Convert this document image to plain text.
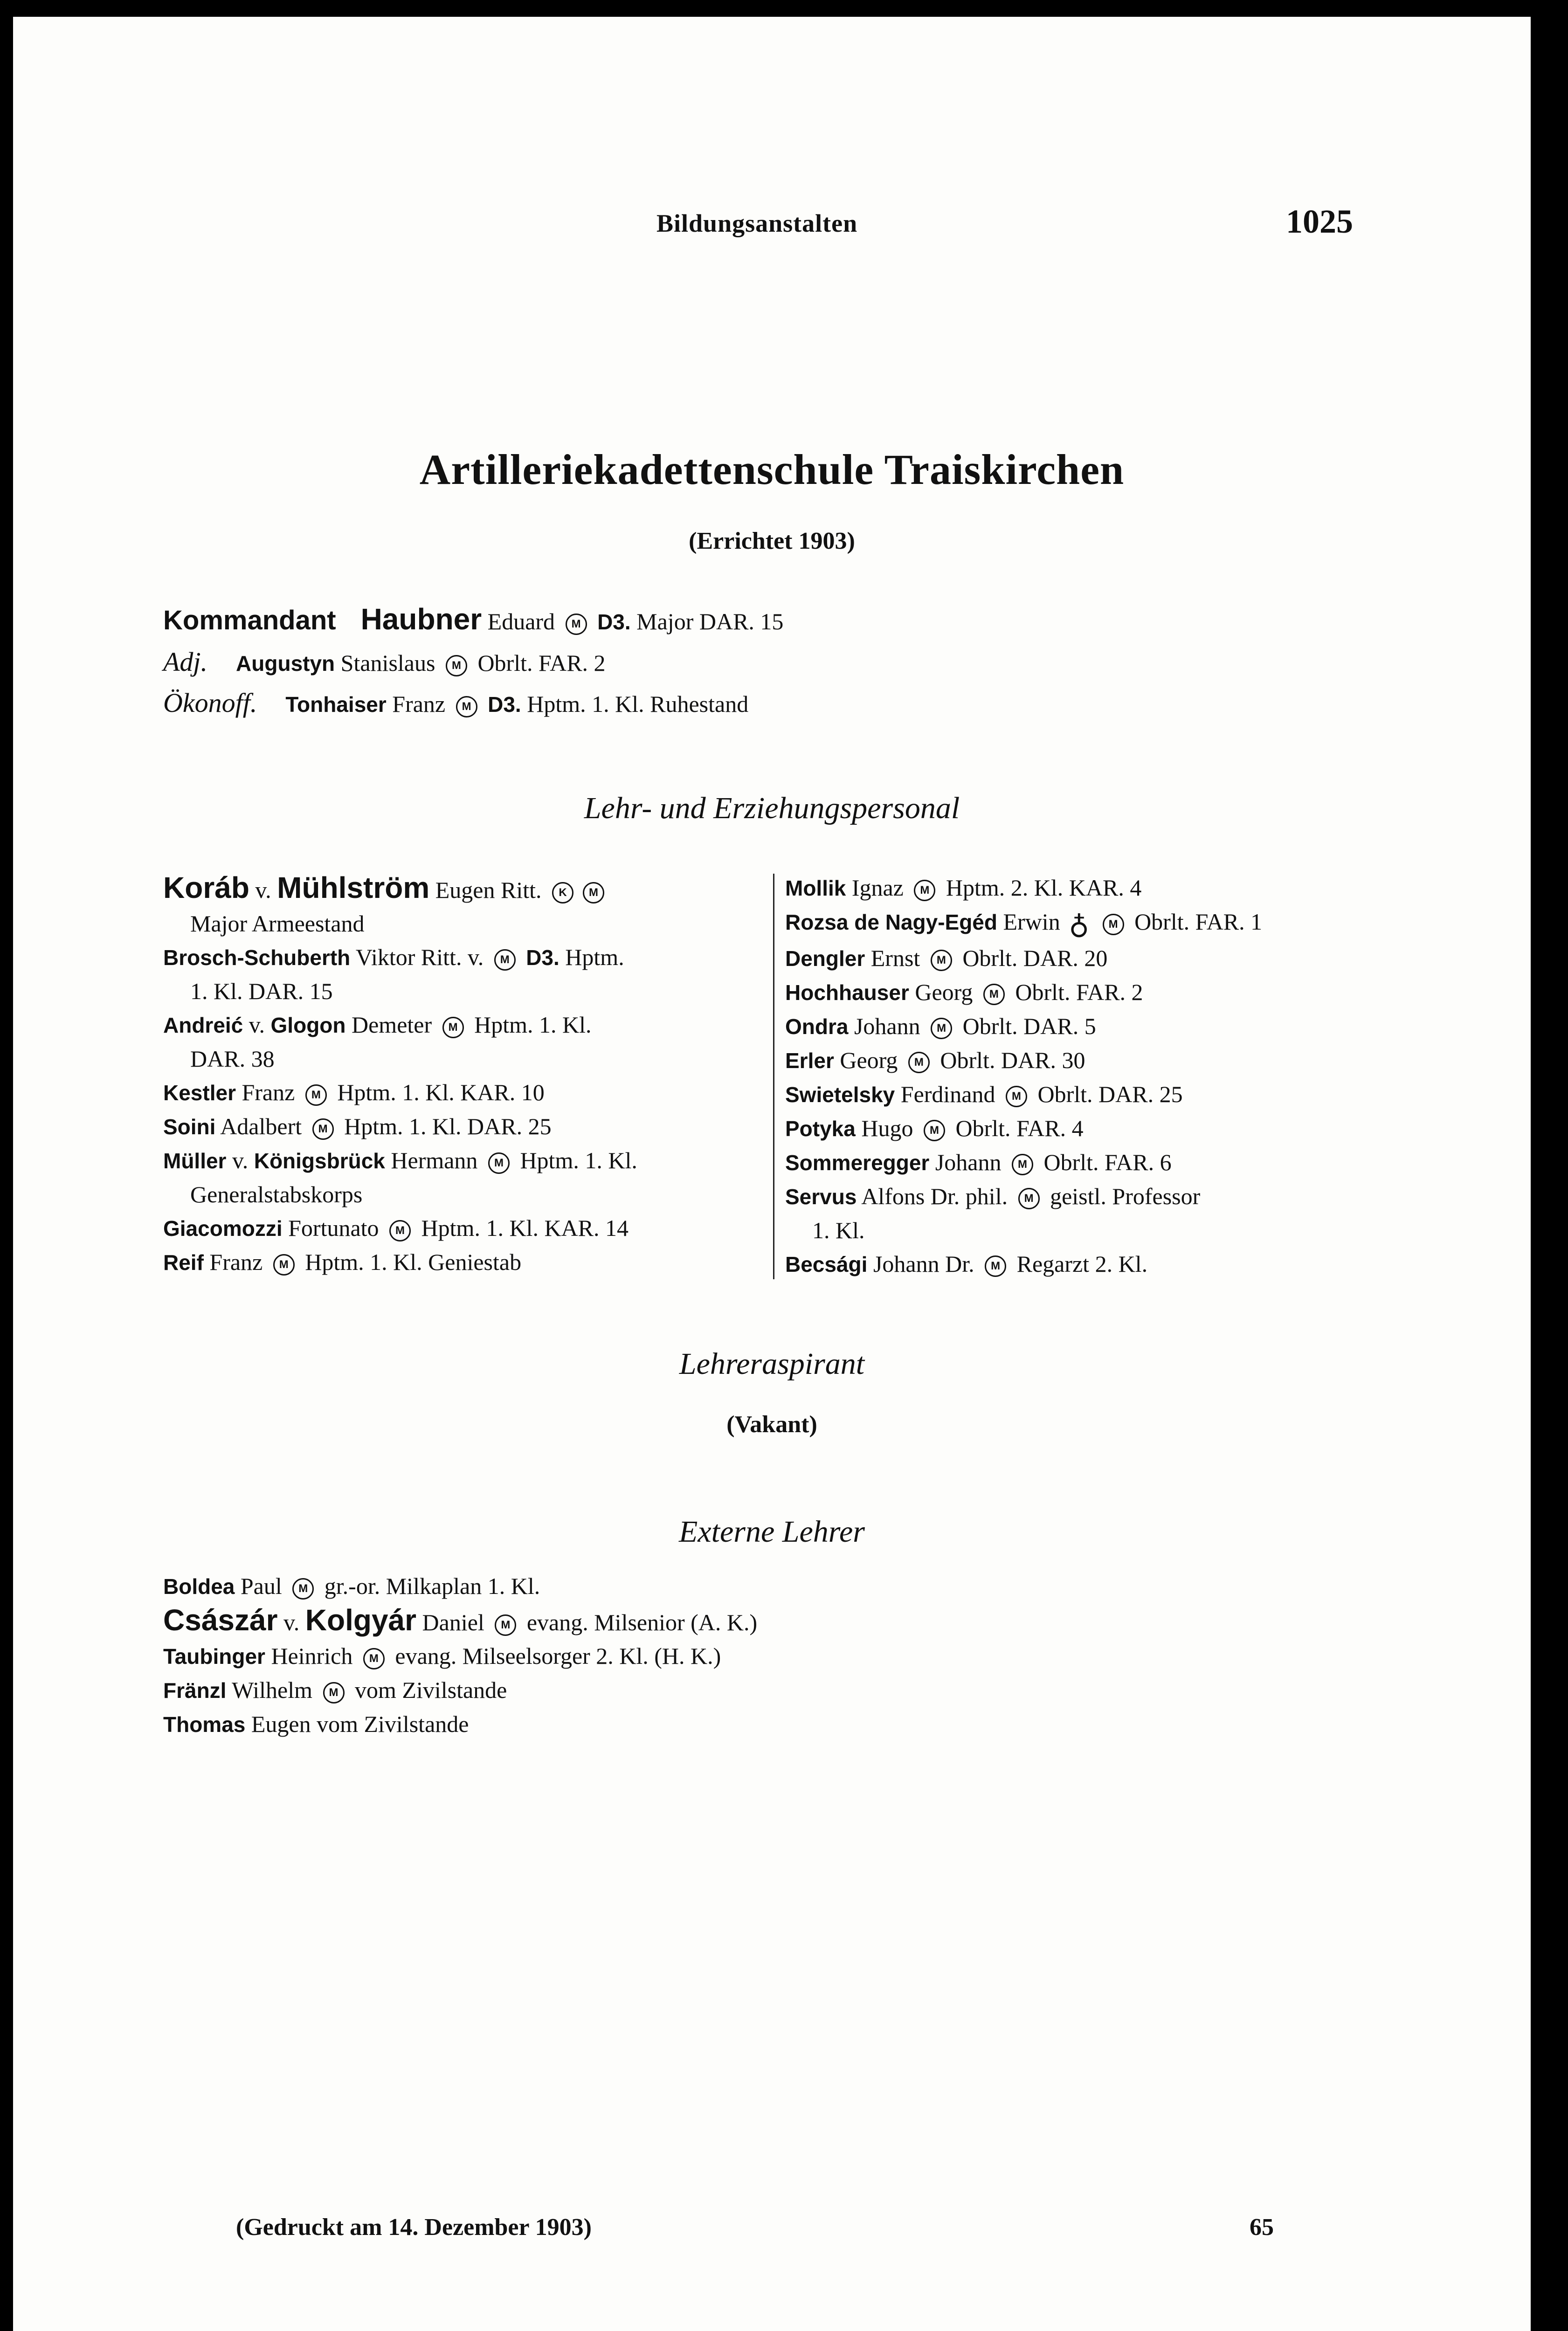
Bildungsanstalten	1025
Artilleriekadettenschule Traiskirchen
(Errichtet 1903)
Kommandant Haubner Eduard M D3. Major DAR. 15
Adj. Augustyn Stanislaus M Obrlt. FAR. 2
Ökonoff. Tonhaiser Franz M D3. Hptm. 1. Kl. Ruhestand
Lehr- und Erziehungspersonal
Koráb v. Mühlström Eugen Ritt. K M
Major Armeestand
Brosch-Schuberth Viktor Ritt. v. M D3. Hptm.
1. Kl. DAR. 15
Andreić v. Glogon Demeter M Hptm. 1. Kl.
DAR. 38
Kestler Franz M Hptm. 1. Kl. KAR. 10
Soini Adalbert M Hptm. 1. Kl. DAR. 25
Müller v. Königsbrück Hermann M Hptm. 1. Kl.
Generalstabskorps
Giacomozzi Fortunato M Hptm. 1. Kl. KAR. 14
Reif Franz M Hptm. 1. Kl. Geniestab
Mollik Ignaz M Hptm. 2. Kl. KAR. 4
Rozsa de Nagy-Egéd Erwin ♁ M Obrlt. FAR. 1
Dengler Ernst M Obrlt. DAR. 20
Hochhauser Georg M Obrlt. FAR. 2
Ondra Johann M Obrlt. DAR. 5
Erler Georg M Obrlt. DAR. 30
Swietelsky Ferdinand M Obrlt. DAR. 25
Potyka Hugo M Obrlt. FAR. 4
Sommeregger Johann M Obrlt. FAR. 6
Servus Alfons Dr. phil. M geistl. Professor
1. Kl.
Becsági Johann Dr. M Regarzt 2. Kl.
Lehreraspirant
(Vakant)
Externe Lehrer
Boldea Paul M gr.-or. Milkaplan 1. Kl.
Császár v. Kolgyár Daniel M evang. Milsenior (A. K.)
Taubinger Heinrich M evang. Milseelsorger 2. Kl. (H. K.)
Fränzl Wilhelm M vom Zivilstande
Thomas Eugen vom Zivilstande
(Gedruckt am 14. Dezember 1903)	65
